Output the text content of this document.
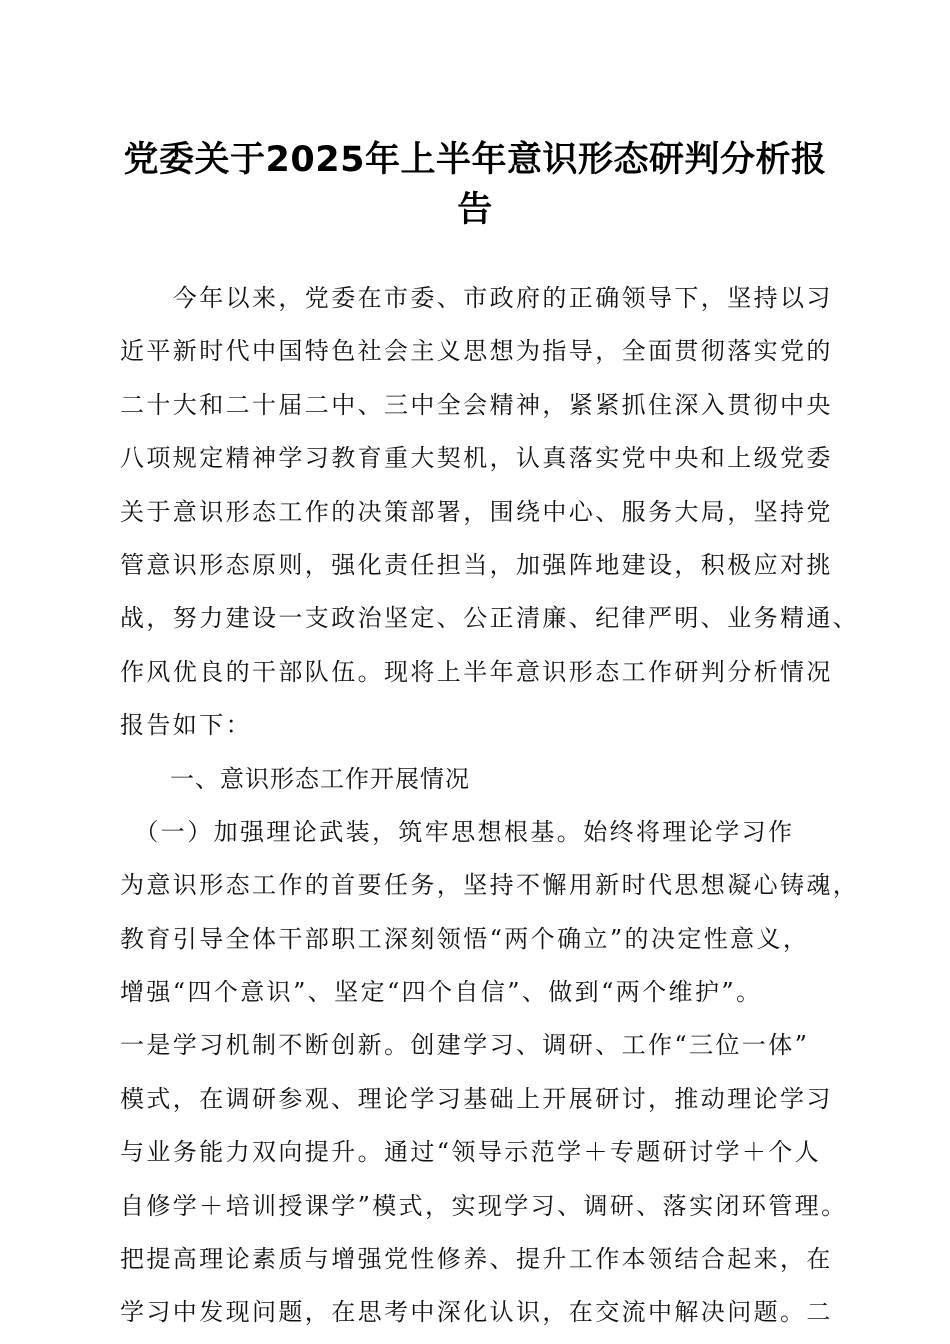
党委关于2025年上半年意识形态研判分析报
告
　　今年以来，党委在市委、市政府的正确领导下，坚持以习
近平新时代中国特色社会主义思想为指导，全面贯彻落实党的
二十大和二十届二中、三中全会精神，紧紧抓住深入贯彻中央
八项规定精神学习教育重大契机，认真落实党中央和上级党委
关于意识形态工作的决策部署，围绕中心、服务大局，坚持党
管意识形态原则，强化责任担当，加强阵地建设，积极应对挑
战，努力建设一支政治坚定、公正清廉、纪律严明、业务精通、
作风优良的干部队伍。现将上半年意识形态工作研判分析情况
报告如下：
　　一、意识形态工作开展情况
　（一）加强理论武装，筑牢思想根基。始终将理论学习作
为意识形态工作的首要任务，坚持不懈用新时代思想凝心铸魂，
教育引导全体干部职工深刻领悟“两个确立”的决定性意义，
增强“四个意识”、坚定“四个自信”、做到“两个维护”。
一是学习机制不断创新。创建学习、调研、工作“三位一体”
模式，在调研参观、理论学习基础上开展研讨，推动理论学习
与业务能力双向提升。通过“领导示范学＋专题研讨学＋个人
自修学＋培训授课学”模式，实现学习、调研、落实闭环管理。
把提高理论素质与增强党性修养、提升工作本领结合起来，在
学习中发现问题，在思考中深化认识，在交流中解决问题。二
